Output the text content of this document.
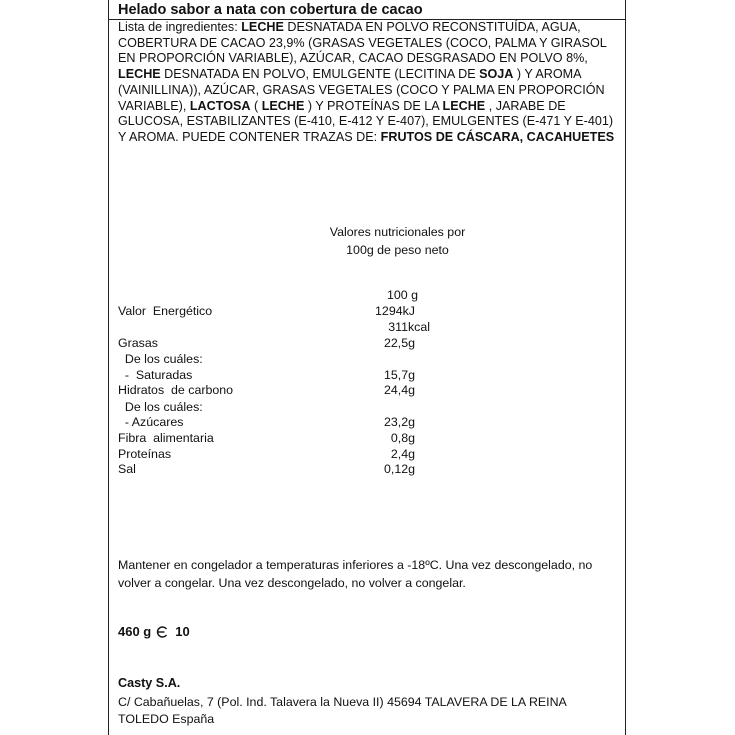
Helado sabor a nata con cobertura de cacao

Lista de ingredientes: LECHE DESNATADA EN POLVO RECONSTITUÍDA, AGUA, COBERTURA DE CACAO 23,9% (GRASAS VEGETALES (COCO, PALMA Y GIRASOL EN PROPORCIÓN VARIABLE), AZÚCAR, CACAO DESGRASADO EN POLVO 8%, LECHE DESNATADA EN POLVO, EMULGENTE (LECITINA DE SOJA ) Y AROMA (VAINILLINA)), AZÚCAR, GRASAS VEGETALES (COCO Y PALMA EN PROPORCIÓN VARIABLE), LACTOSA ( LECHE ) Y PROTEÍNAS DE LA LECHE , JARABE DE GLUCOSA, ESTABILIZANTES (E-410, E-412 Y E-407), EMULGENTES (E-471 Y E-401) Y AROMA. PUEDE CONTENER TRAZAS DE: FRUTOS DE CÁSCARA, CACAHUETES

Valores nutricionales por
100g de peso neto
100 g
Valor  Energético	1294kJ
311kcal
Grasas	22,5g
De los cuáles:
-  Saturadas	15,7g
Hidratos  de carbono	24,4g
De los cuáles:
- Azúcares	23,2g
Fibra  alimentaria	0,8g
Proteínas	2,4g
Sal	0,12g
Mantener en congelador a temperaturas inferiores a -18ºC. Una vez descongelado, no volver a congelar. Una vez descongelado, no volver a congelar.
460 g 10
Casty S.A.
C/ Cabañuelas, 7 (Pol. Ind. Talavera la Nueva II) 45694 TALAVERA DE LA REINA TOLEDO España
